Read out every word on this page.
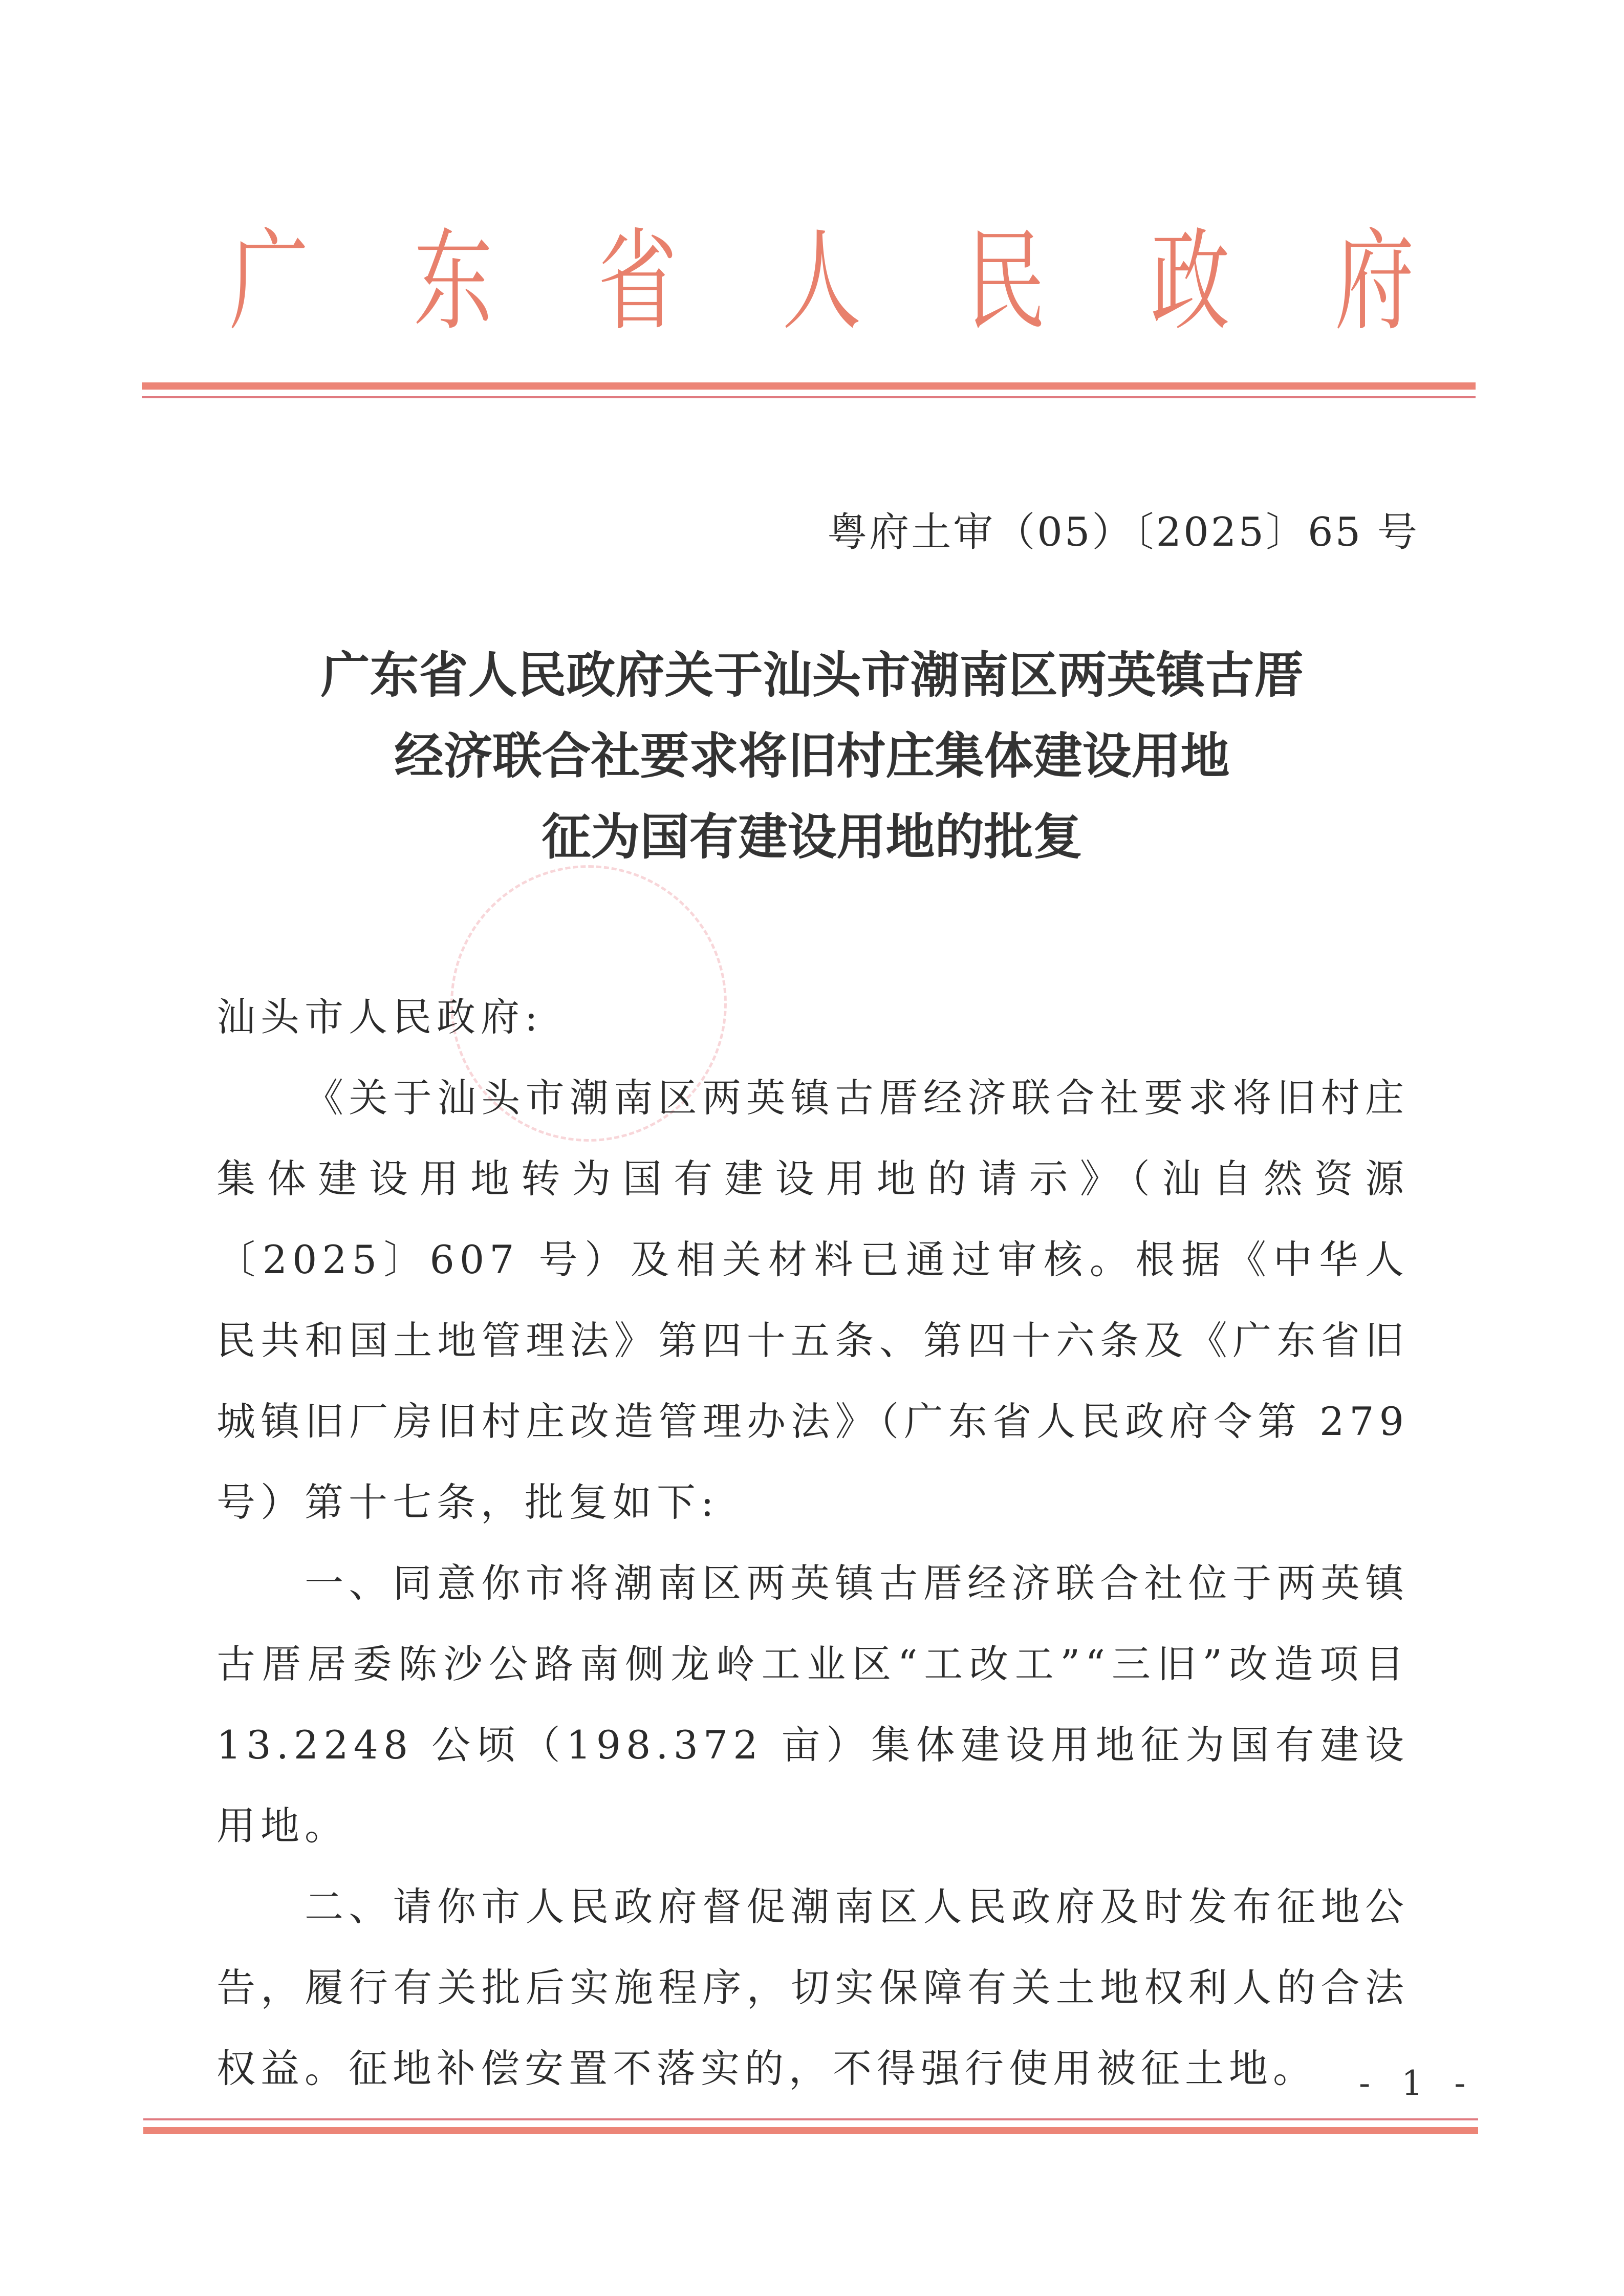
广 东 省 人 民 政 府
粤府土审（05）〔2025〕65 号
广东省人民政府关于汕头市潮南区两英镇古厝
经济联合社要求将旧村庄集体建设用地
征为国有建设用地的批复

汕头市人民政府:

《关于汕头市潮南区两英镇古厝经济联合社要求将旧村庄集体建设用地转为国有建设用地的请示》（汕自然资源〔2025〕607 号）及相关材料已通过审核。根据《中华人民共和国土地管理法》第四十五条、第四十六条及《广东省旧城镇旧厂房旧村庄改造管理办法》（广东省人民政府令第 279 号）第十七条，批复如下:

一、同意你市将潮南区两英镇古厝经济联合社位于两英镇古厝居委陈沙公路南侧龙岭工业区“工改工”“三旧”改造项目 13.2248 公顷（198.372 亩）集体建设用地征为国有建设用地。

二、请你市人民政府督促潮南区人民政府及时发布征地公告，履行有关批后实施程序，切实保障有关土地权利人的合法权益。征地补偿安置不落实的，不得强行使用被征土地。	- 1 -
